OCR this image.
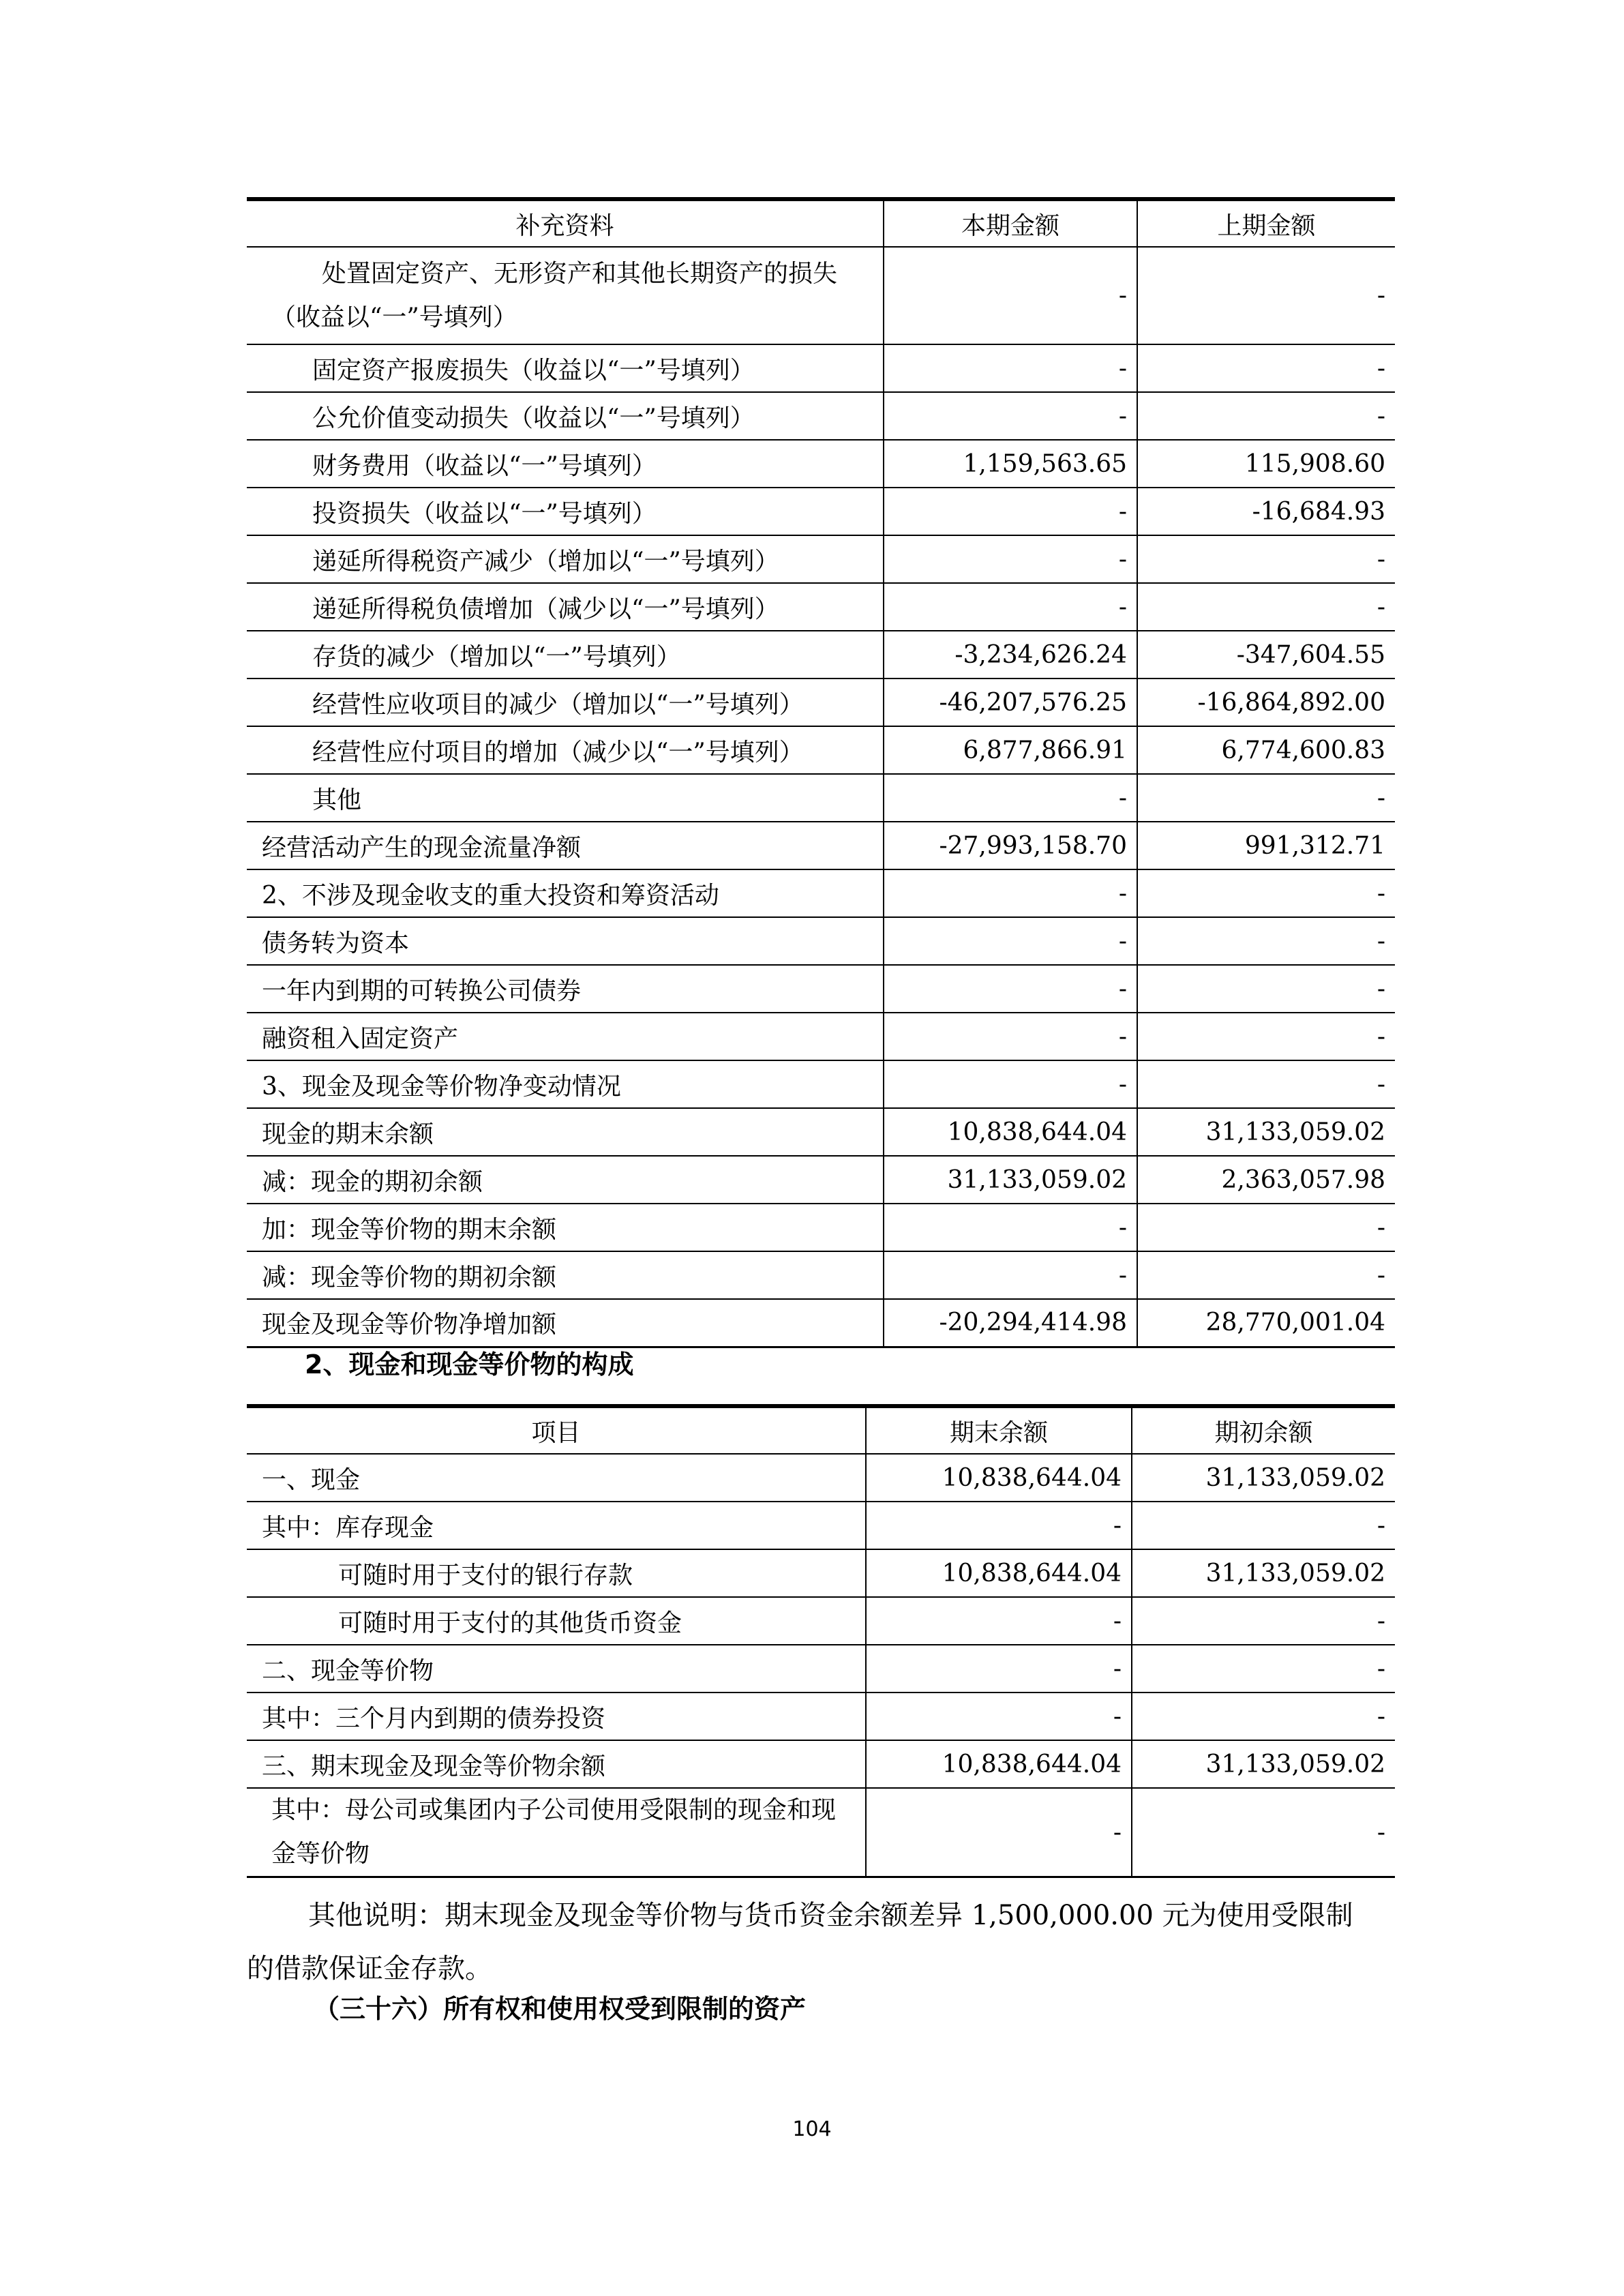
补充资料	本期金额	上期金额

处置固定资产、无形资产和其他长期资产的损失
（收益以“一”号填列）	-	-
固定资产报废损失（收益以“一”号填列）	-	-
公允价值变动损失（收益以“一”号填列）	-	-
财务费用（收益以“一”号填列）	1,159,563.65	115,908.60
投资损失（收益以“一”号填列）	-	-16,684.93
递延所得税资产减少（增加以“一”号填列）	-	-
递延所得税负债增加（减少以“一”号填列）	-	-
存货的减少（增加以“一”号填列）	-3,234,626.24	-347,604.55
经营性应收项目的减少（增加以“一”号填列）	-46,207,576.25	-16,864,892.00
经营性应付项目的增加（减少以“一”号填列）	6,877,866.91	6,774,600.83
其他	-	-
经营活动产生的现金流量净额	-27,993,158.70	991,312.71
2、不涉及现金收支的重大投资和筹资活动	-	-
债务转为资本	-	-
一年内到期的可转换公司债券	-	-
融资租入固定资产	-	-
3、现金及现金等价物净变动情况	-	-
现金的期末余额	10,838,644.04	31,133,059.02
减：现金的期初余额	31,133,059.02	2,363,057.98
加：现金等价物的期末余额	-	-
减：现金等价物的期初余额	-	-
现金及现金等价物净增加额	-20,294,414.98	28,770,001.04
2、现金和现金等价物的构成
项目	期末余额	期初余额
一、现金	10,838,644.04	31,133,059.02
其中：库存现金	-	-
可随时用于支付的银行存款	10,838,644.04	31,133,059.02
可随时用于支付的其他货币资金	-	-
二、现金等价物	-	-
其中：三个月内到期的债券投资	-	-
三、期末现金及现金等价物余额	10,838,644.04	31,133,059.02

其中：母公司或集团内子公司使用受限制的现金和现
金等价物	-	-
其他说明：期末现金及现金等价物与货币资金余额差异 1,500,000.00 元为使用受限制
的借款保证金存款。
（三十六）所有权和使用权受到限制的资产
104
